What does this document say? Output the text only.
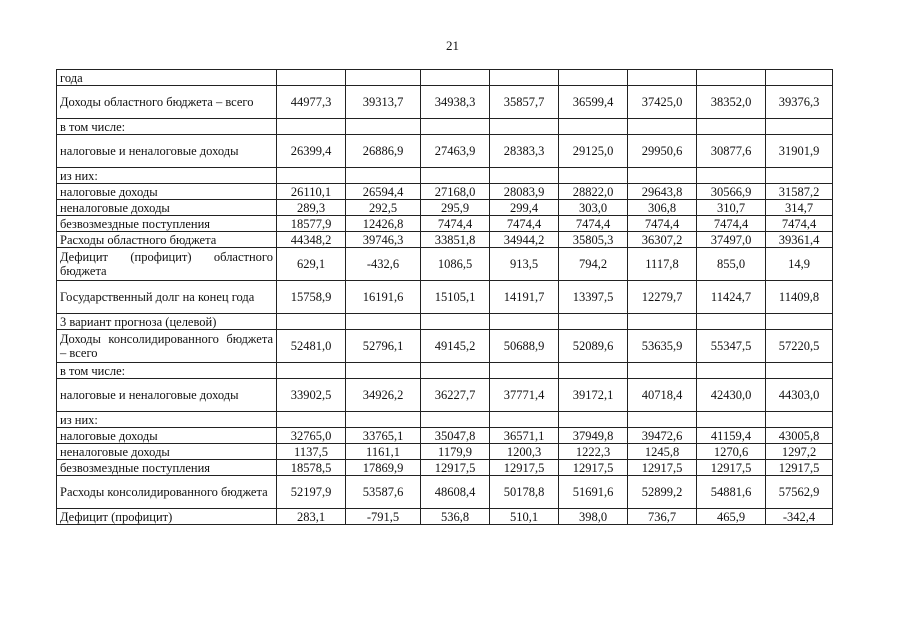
21
года								
Доходы областного бюджета – всего	44977,3	39313,7	34938,3	35857,7	36599,4	37425,0	38352,0	39376,3
в том числе:								
налоговые и неналоговые доходы	26399,4	26886,9	27463,9	28383,3	29125,0	29950,6	30877,6	31901,9
из них:								
налоговые доходы	26110,1	26594,4	27168,0	28083,9	28822,0	29643,8	30566,9	31587,2
неналоговые доходы	289,3	292,5	295,9	299,4	303,0	306,8	310,7	314,7
безвозмездные поступления	18577,9	12426,8	7474,4	7474,4	7474,4	7474,4	7474,4	7474,4
Расходы областного бюджета	44348,2	39746,3	33851,8	34944,2	35805,3	36307,2	37497,0	39361,4
Дефицит (профицит) областного бюджета	629,1	-432,6	1086,5	913,5	794,2	1117,8	855,0	14,9
Государственный долг на конец года	15758,9	16191,6	15105,1	14191,7	13397,5	12279,7	11424,7	11409,8
3 вариант прогноза (целевой)								
Доходы консолидированного бюджета – всего	52481,0	52796,1	49145,2	50688,9	52089,6	53635,9	55347,5	57220,5
в том числе:								
налоговые и неналоговые доходы	33902,5	34926,2	36227,7	37771,4	39172,1	40718,4	42430,0	44303,0
из них:								
налоговые доходы	32765,0	33765,1	35047,8	36571,1	37949,8	39472,6	41159,4	43005,8
неналоговые доходы	1137,5	1161,1	1179,9	1200,3	1222,3	1245,8	1270,6	1297,2
безвозмездные поступления	18578,5	17869,9	12917,5	12917,5	12917,5	12917,5	12917,5	12917,5
Расходы консолидированного бюджета	52197,9	53587,6	48608,4	50178,8	51691,6	52899,2	54881,6	57562,9
Дефицит (профицит)	283,1	-791,5	536,8	510,1	398,0	736,7	465,9	-342,4
